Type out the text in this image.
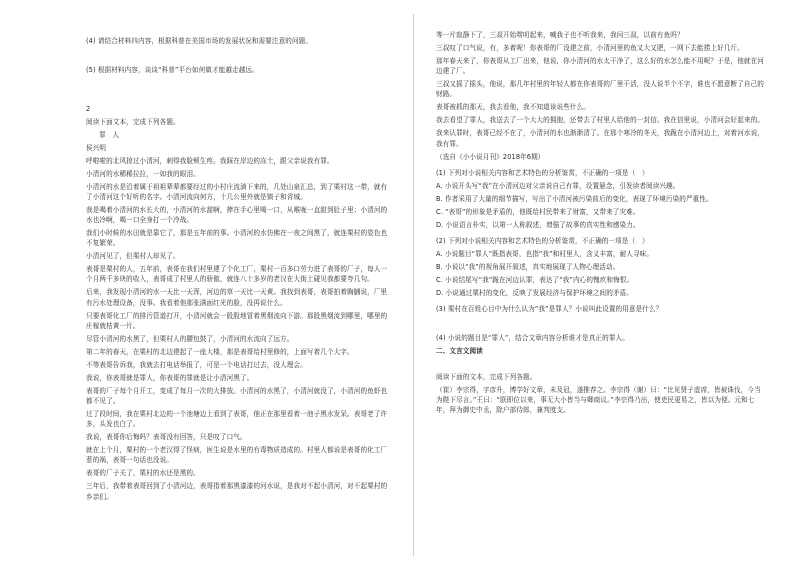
(4) 请结合材料四内容，根据科普在美国市场的发展状况和需要注意的问题。

(5) 根据材料内容，谈谈“科普”平台如何做才能越走越远。

2

阅读下面文本，完成下列各题。

罪　人

侯兴明

呼啦啦的北风掠过小清河，刺得我脸颊生疼。我踩在岸边的冻土，跟父亲说我有罪。

小清河的水稀稀拉拉，一如我的眼泪。

小清河的水是沿着属于祖祖辈辈都要经过的小村庄流淌下来的，几处山泉汇总，到了栗村这一带，就有了小清河这个好听的名字。小清河流向何方，十几公里外就是镇子和省城。

我是喝着小清河的水长大的，小清河的水甜啊，捧在手心里喝一口，从喉咙一直甜到肚子里；小清河的水也冷啊，喝一口全身打一个冷战。

我们小时候的水田就是靠它了，那是五年前的事。小清河的水仿佛在一夜之间黑了，就连栗村的姿色也不复繁荣。

小清河见了，但栗村人却见了。

表哥是栗村的人，五年前，表哥在我们村里建了个化工厂，栗村一百多口劳力进了表哥的厂子，每人一个月两千多块的收入，表哥成了村里人的骄傲，就连八十多岁的老汉在大街上碰见我都要夸几句。

后来，我发现小清河的水一天比一天浑，河边的草一天比一天黄。我找到表哥，表哥拍着胸脯说，厂里有污水处理设备，没事。我看着他那张满面红光的脸，没再说什么。

只要表哥化工厂的排污管道打开，小清河就会一股股地冒着黑烟流向下游。那股黑烟流到哪里，哪里的庄稼就枯黄一片。

尽管小清河的水黑了，但栗村人的腰包鼓了，小清河的水流向了远方。

第二年的春天，在栗村的北边建起了一座大楼，那是表哥给村里修的，上面写着几个大字。

不等表哥告诉我，我就去打电话举报了，可是一个电话打过去，没人理会。

我说，你表哥就是罪人，你表哥的罪就是让小清河黑了。

表哥的厂子每个月开工，变成了每月一次的大排放。小清河的水黑了，小清河就没了，小清河的鱼虾也都不见了。

过了段时间，我在栗村北边的一个池塘边上看到了表哥，他正在那里看着一池子黑水发呆。表哥老了许多，头发也白了。

我说，表哥你后悔吗？表哥没有回答，只是叹了口气。

就在上个月，栗村的一个老汉得了怪病，医生说是水里的有毒物质造成的。村里人都说是表哥的化工厂惹的祸，表哥一句话也没说。

表哥的厂子关了，栗村的水还是黑的。

三年后，我带着表哥回到了小清河边，表哥指着那黑漆漆的河水说，是我对不起小清河，对不起栗村的乡亲们。

等一片寂静下了，三叔开始唠叨起来，喊我子也不听我来，我问三叔，以前有鱼吗？

三叔叹了口气说，有，多着呢！你表哥的厂没建之前，小清河里的鱼又大又肥，一网下去能捞上好几斤。

那年春天来了，你表哥从工厂出来，他说，你小清河的水太干净了，这么好的水怎么能不用呢？于是，他就在河边建了厂。

三叔又摇了摇头，他说，那几年村里的年轻人都在你表哥的厂里干活，没人说半个不字，谁也不愿意断了自己的财路。

表哥被抓的那天，我去看他，我不知道该说些什么。

我去看望了罪人，我送去了一个大大的拥抱，还带去了村里人给他的一封信。我在信里说，小清河会好起来的。

我来认罪时，表哥已经不在了，小清河的水也渐渐清了。在那个寒冷的冬天，我跪在小清河边上，对着河水说，我有罪。

（选自《小小说月刊》2018年6期）

(1) 下列对小说相关内容和艺术特色的分析鉴赏，不正确的一项是（　）

A. 小说开头写“我”在小清河边对父亲说自己有罪，设置悬念，引发读者阅读兴趣。

B. 作者采用了大量的细节描写，写出了小清河被污染前后的变化，表现了环境污染的严重性。

C. “表哥”的形象是矛盾的，他既给村民带来了财富，又带来了灾难。

D. 小说语言朴实，以第一人称叙述，增强了故事的真实性和感染力。

(2) 下列对小说相关内容和艺术特色的分析鉴赏，不正确的一项是（　）

A. 小说题目“罪人”既指表哥，也指“我”和村里人，含义丰富，耐人寻味。

B. 小说以“我”的视角展开叙述，真实地展现了人物心理活动。

C. 小说结尾写“我”跪在河边认罪，表达了“我”内心的愧疚和悔恨。

D. 小说通过栗村的变化，反映了发展经济与保护环境之间的矛盾。

(3) 栗村在百姓心目中为什么认为“我”是罪人？小说叫此设置的用意是什么？

(4) 小说的题目是“罪人”，结合文章内容分析谁才是真正的罪人。

二、文言文阅读

阅读下面的文本，完成下列各题。

（崔）李宗得，字彦升，博学好文章，未及冠，遂推荐之。李宗得（谢）曰：“比见贤子虚席，皆被诛伐，今当为陛下尽言。”王曰：“朕即位以来，事无大小皆当与卿商议。”李宗得乃出，使吏民更易之，皆以为便。元和七年，拜为御史中丞，除户部侍郎，兼判度支。
